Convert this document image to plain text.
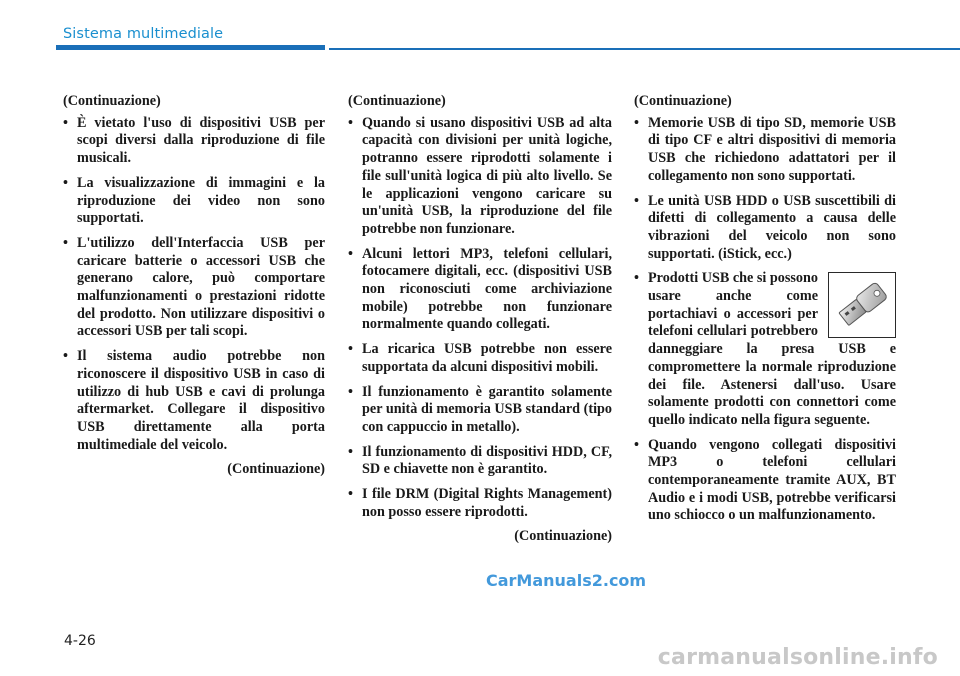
Sistema multimediale
(Continuazione)
• È vietato l'uso di dispositivi USB per scopi diversi dalla riproduzione di file musicali.
• La visualizzazione di immagini e la riproduzione dei video non sono supportati.
• L'utilizzo dell'Interfaccia USB per caricare batterie o accessori USB che generano calore, può comportare malfunzionamenti o prestazioni ridotte del prodotto. Non utilizzare dispositivi o accessori USB per tali scopi.
• Il sistema audio potrebbe non riconoscere il dispositivo USB in caso di utilizzo di hub USB e cavi di prolunga aftermarket. Collegare il dispositivo USB direttamente alla porta multimediale del veicolo.
(Continuazione)
(Continuazione)
• Quando si usano dispositivi USB ad alta capacità con divisioni per unità logiche, potranno essere riprodotti solamente i file sull'unità logica di più alto livello. Se le applicazioni vengono caricare su un'unità USB, la riproduzione del file potrebbe non funzionare.
• Alcuni lettori MP3, telefoni cellulari, fotocamere digitali, ecc. (dispositivi USB non riconosciuti come archiviazione mobile) potrebbe non funzionare normalmente quando collegati.
• La ricarica USB potrebbe non essere supportata da alcuni dispositivi mobili.
• Il funzionamento è garantito solamente per unità di memoria USB standard (tipo con cappuccio in metallo).
• Il funzionamento di dispositivi HDD, CF, SD e chiavette non è garantito.
• I file DRM (Digital Rights Management) non posso essere riprodotti.
(Continuazione)
(Continuazione)
• Memorie USB di tipo SD, memorie USB di tipo CF e altri dispositivi di memoria USB che richiedono adattatori per il collegamento non sono supportati.
• Le unità USB HDD o USB suscettibili di difetti di collegamento a causa delle vibrazioni del veicolo non sono supportati. (iStick, ecc.)
• Prodotti USB che si possono usare anche come portachiavi o accessori per telefoni cellulari potrebbero danneggiare la presa USB e compromettere la normale riproduzione dei file. Astenersi dall'uso. Usare solamente prodotti con connettori come quello indicato nella figura seguente.
• Quando vengono collegati dispositivi MP3 o telefoni cellulari contemporaneamente tramite AUX, BT Audio e i modi USB, potrebbe verificarsi uno schiocco o un malfunzionamento.
4-26
CarManuals2.com
carmanualsonline.info
